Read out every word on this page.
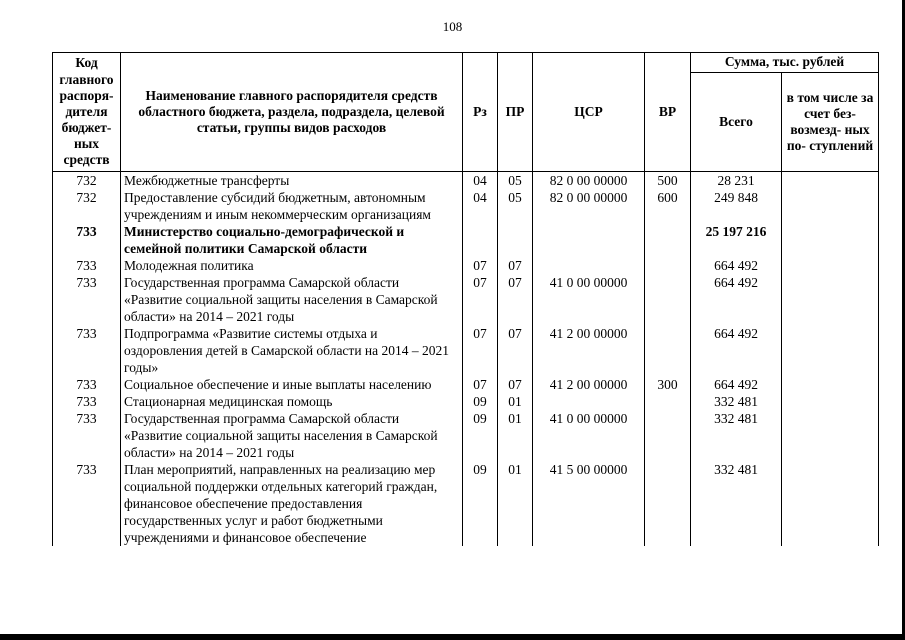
108
Код главного распоря- дителя бюджет- ных средств	Наименование главного распорядителя средств областного бюджета, раздела, подраздела, целевой статьи, группы видов расходов	Рз	ПР	ЦСР	ВР	Сумма, тыс. рублей	
						Всего	в том числе за счет без- возмезд- ных по- ступлений
732	Межбюджетные трансферты	04	05	82 0 00 00000	500	28 231	
732	Предоставление субсидий бюджетным, автономным учреждениям и иным некоммерческим организациям	04	05	82 0 00 00000	600	249 848	
733	Министерство социально-демографической и семейной политики Самарской области					25 197 216	
733	Молодежная политика	07	07			664 492	
733	Государственная программа Самарской области «Развитие социальной защиты населения в Самарской области» на 2014 – 2021 годы	07	07	41 0 00 00000		664 492	
733	Подпрограмма «Развитие системы отдыха и оздоровления детей в Самарской области на 2014 – 2021 годы»	07	07	41 2 00 00000		664 492	
733	Социальное обеспечение и иные выплаты населению	07	07	41 2 00 00000	300	664 492	
733	Стационарная медицинская помощь	09	01			332 481	
733	Государственная программа Самарской области «Развитие социальной защиты населения в Самарской области» на 2014 – 2021 годы	09	01	41 0 00 00000		332 481	
733	План мероприятий, направленных на реализацию мер социальной поддержки отдельных категорий граждан, финансовое обеспечение предоставления государственных услуг и работ бюджетными учреждениями и финансовое обеспечение	09	01	41 5 00 00000		332 481	
